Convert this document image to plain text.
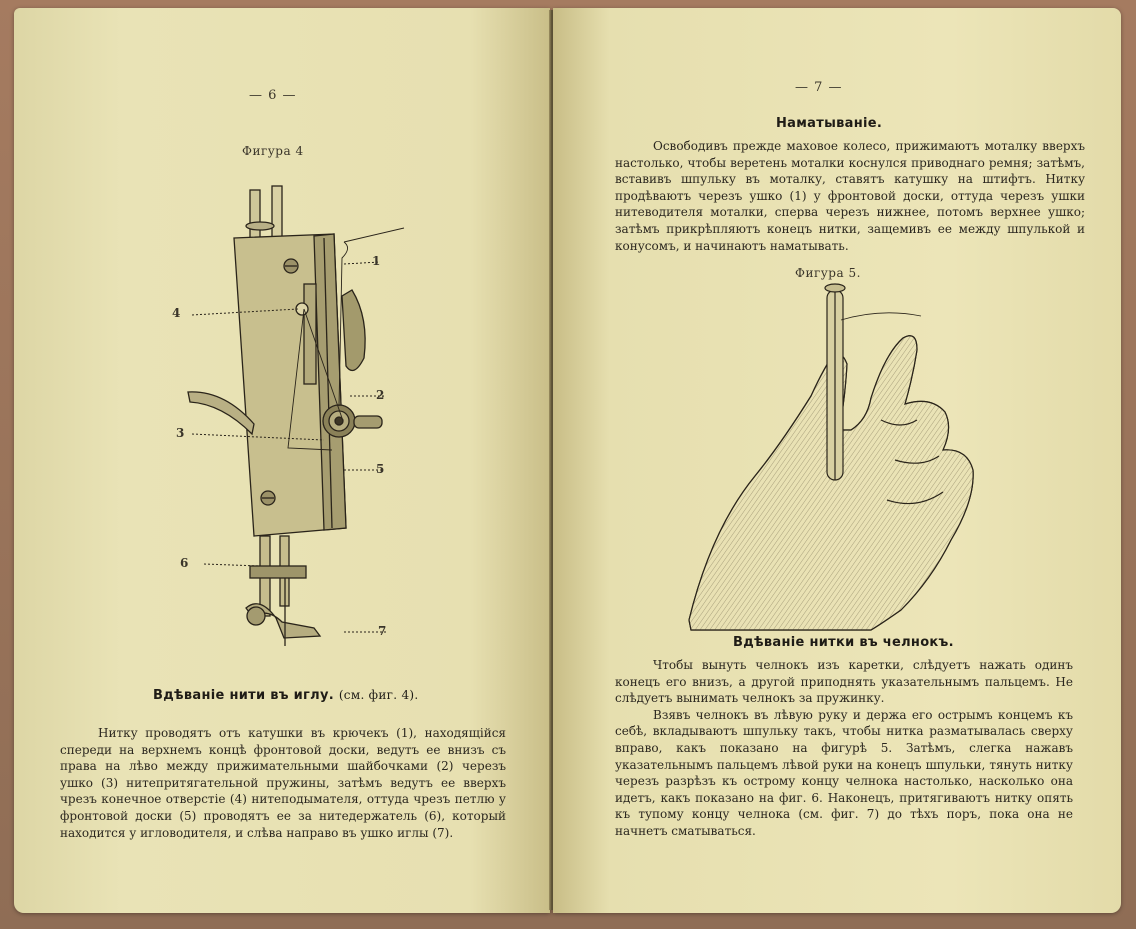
— 6 —
Фигура 4
1
2
3
4
5
6
7
Вдѣваніе нити въ иглу. (см. фиг. 4).

Нитку проводятъ отъ катушки въ крючекъ (1), находящійся спереди на верхнемъ концѣ фронтовой доски, ведутъ ее внизъ съ права на лѣво между прижимательными шайбочками (2) черезъ ушко (3) нитепритягательной пружины, затѣмъ ведутъ ее вверхъ чрезъ конечное отверстіе (4) нитеподымателя, оттуда чрезъ петлю у фронтовой доски (5) проводятъ ее за нитедержатель (6), который находится у игловодителя, и слѣва направо въ ушко иглы (7).

— 7 —
Наматываніе.

Освободивъ прежде маховое колесо, прижимаютъ моталку вверхъ настолько, чтобы веретень моталки коснулся приводнаго ремня; затѣмъ, вставивъ шпульку въ моталку, ставятъ катушку на штифтъ. Нитку продѣваютъ черезъ ушко (1) у фронтовой доски, оттуда черезъ ушки нитеводителя моталки, сперва черезъ нижнее, потомъ верхнее ушко; затѣмъ прикрѣпляютъ конецъ нитки, защемивъ ее между шпулькой и конусомъ, и начинаютъ наматывать.

Фигура 5.
Вдѣваніе нитки въ челнокъ.

Чтобы вынуть челнокъ изъ каретки, слѣдуетъ нажать одинъ конецъ его внизъ, а другой приподнять указательнымъ пальцемъ. Не слѣдуетъ вынимать челнокъ за пружинку.

Взявъ челнокъ въ лѣвую руку и держа его острымъ концемъ къ себѣ, вкладываютъ шпульку такъ, чтобы нитка разматывалась сверху вправо, какъ показано на фигурѣ 5. Затѣмъ, слегка нажавъ указательнымъ пальцемъ лѣвой руки на конецъ шпульки, тянуть нитку черезъ разрѣзъ къ острому концу челнока настолько, насколько она идетъ, какъ показано на фиг. 6. Наконецъ, притягиваютъ нитку опять къ тупому концу челнока (см. фиг. 7) до тѣхъ поръ, пока она не начнетъ сматываться.
